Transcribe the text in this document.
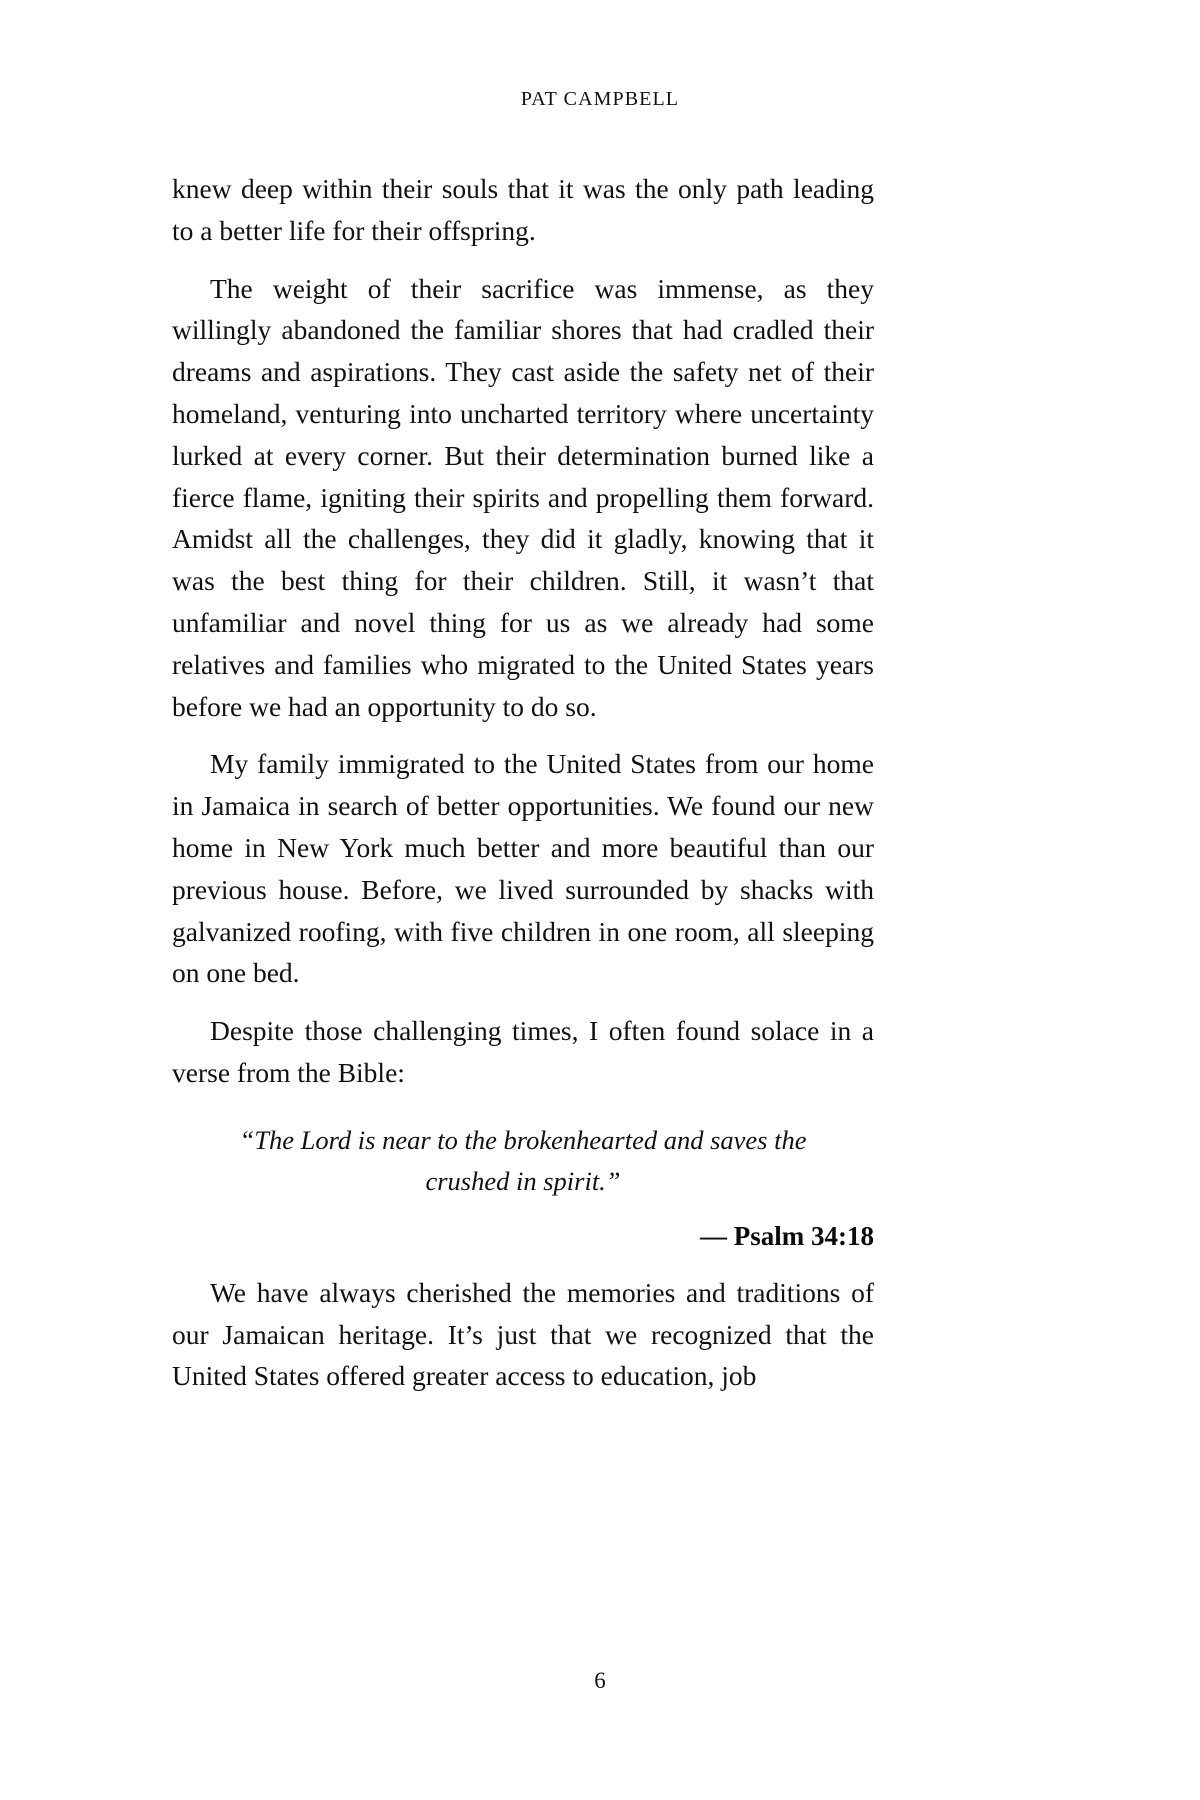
PAT CAMPBELL

knew deep within their souls that it was the only path leading to a better life for their offspring.

The weight of their sacrifice was immense, as they willingly abandoned the familiar shores that had cradled their dreams and aspirations. They cast aside the safety net of their homeland, venturing into uncharted territory where uncertainty lurked at every corner. But their determination burned like a fierce flame, igniting their spirits and propelling them forward. Amidst all the challenges, they did it gladly, knowing that it was the best thing for their children. Still, it wasn’t that unfamiliar and novel thing for us as we already had some relatives and families who migrated to the United States years before we had an opportunity to do so.

My family immigrated to the United States from our home in Jamaica in search of better opportunities. We found our new home in New York much better and more beautiful than our previous house. Before, we lived surrounded by shacks with galvanized roofing, with five children in one room, all sleeping on one bed.

Despite those challenging times, I often found solace in a verse from the Bible:

“The Lord is near to the brokenhearted and saves the crushed in spirit.”

— Psalm 34:18

We have always cherished the memories and traditions of our Jamaican heritage. It’s just that we recognized that the United States offered greater access to education, job

6
